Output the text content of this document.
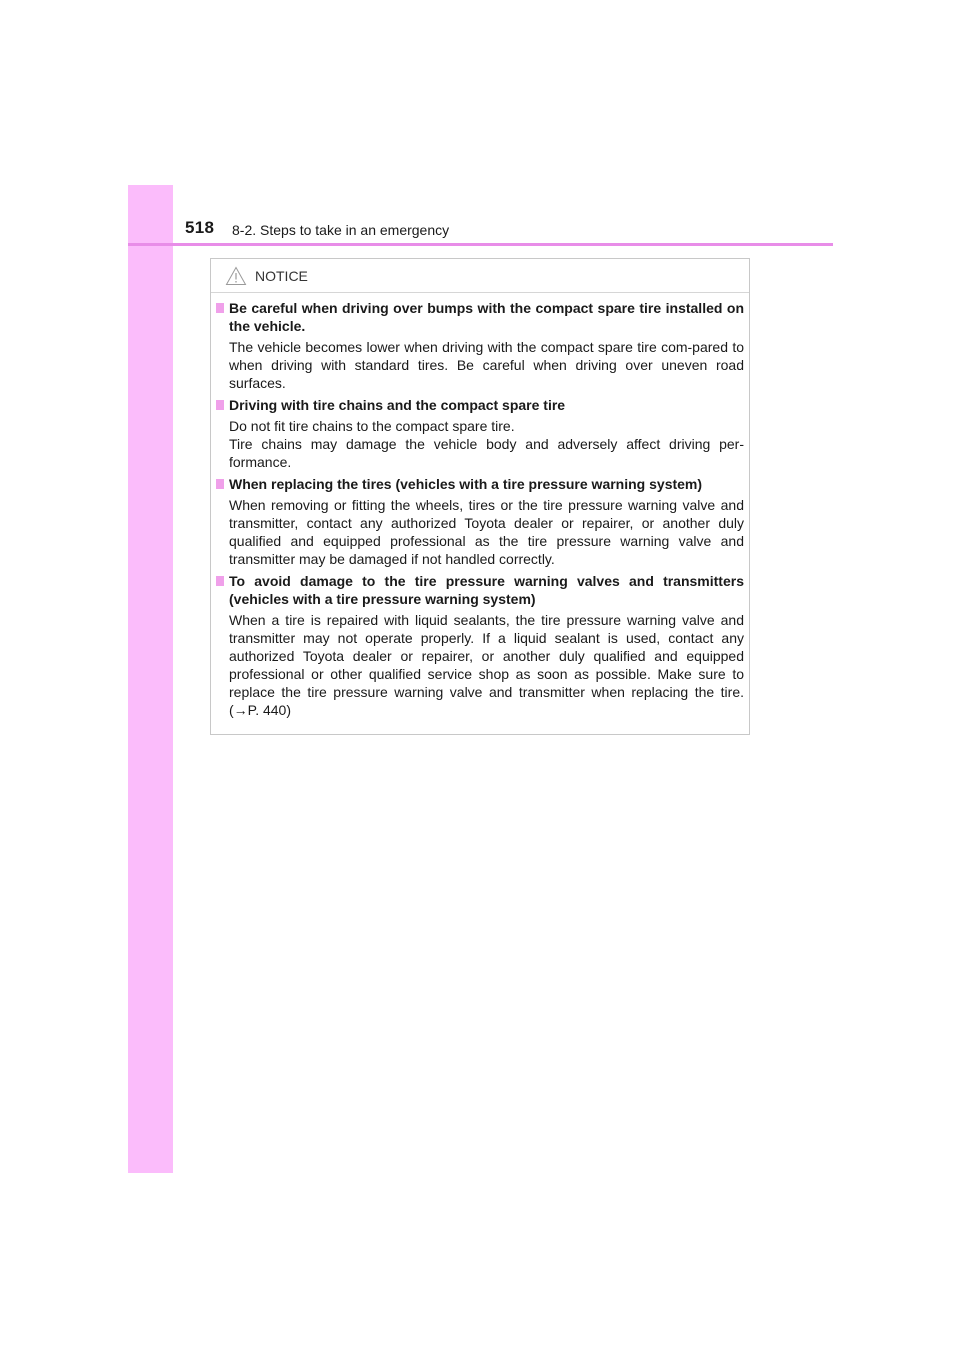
518 8-2. Steps to take in an emergency
NOTICE
Be careful when driving over bumps with the compact spare tire installed on the vehicle.

The vehicle becomes lower when driving with the compact spare tire com-pared to when driving with standard tires. Be careful when driving over uneven road surfaces.

Driving with tire chains and the compact spare tire

Do not fit tire chains to the compact spare tire.

Tire chains may damage the vehicle body and adversely affect driving per-formance.

When replacing the tires (vehicles with a tire pressure warning system)

When removing or fitting the wheels, tires or the tire pressure warning valve and transmitter, contact any authorized Toyota dealer or repairer, or another duly qualified and equipped professional as the tire pressure warning valve and transmitter may be damaged if not handled correctly.

To avoid damage to the tire pressure warning valves and transmitters (vehicles with a tire pressure warning system)

When a tire is repaired with liquid sealants, the tire pressure warning valve and transmitter may not operate properly. If a liquid sealant is used, contact any authorized Toyota dealer or repairer, or another duly qualified and equipped professional or other qualified service shop as soon as possible. Make sure to replace the tire pressure warning valve and transmitter when replacing the tire. (→P. 440)
